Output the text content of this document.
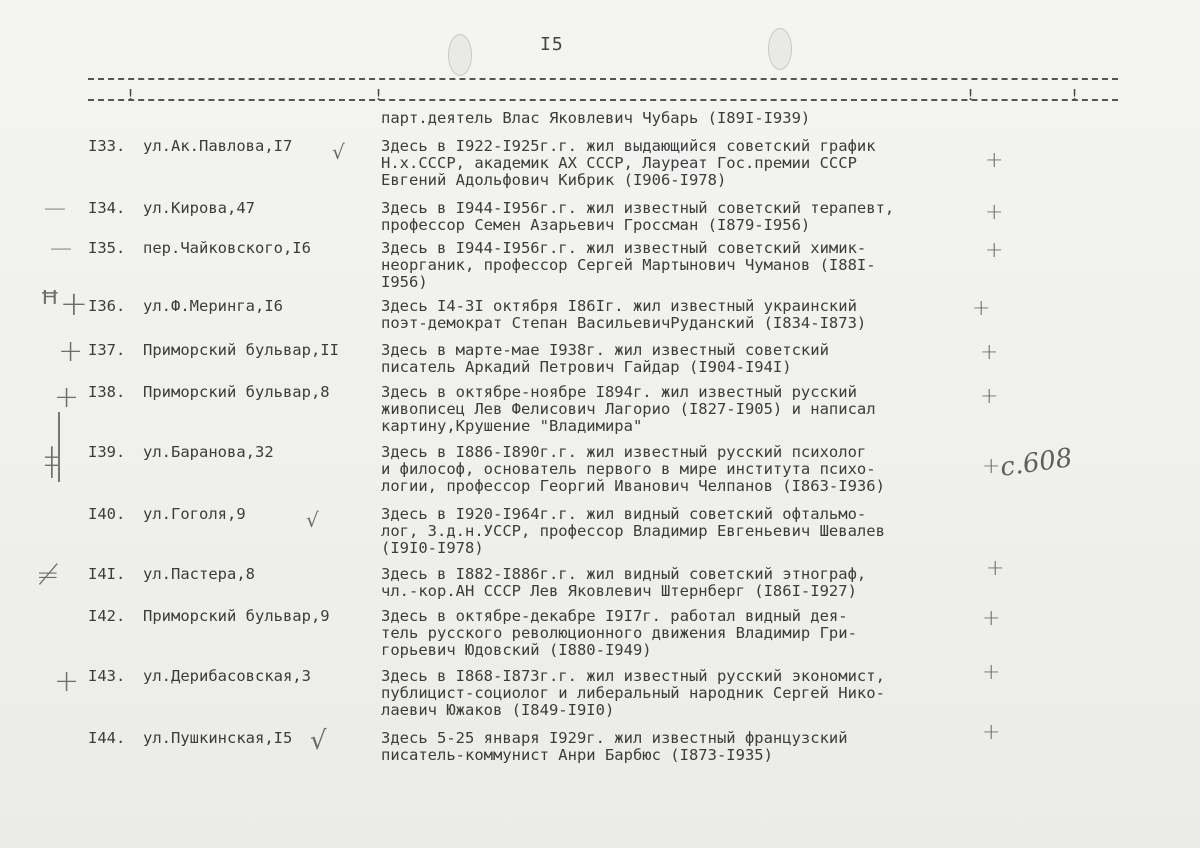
I5
!	!	!	!
парт.деятель Влас Яковлевич Чубарь (I89I-I939)
I33.	ул.Ак.Павлова,I7	Здесь в I922-I925г.г. жил выдающийся советский график
Н.х.СССР, академик АХ СССР, Лауреат Гос.премии СССР
Евгений Адольфович Кибрик (I906-I978)
I34.	ул.Кирова,47	Здесь в I944-I956г.г. жил известный советский терапевт,
профессор Семен Азарьевич Гроссман (I879-I956)
I35.	пер.Чайковского,I6	Здесь в I944-I956г.г. жил известный советский химик-
неорганик, профессор Сергей Мартынович Чуманов (I88I-
I956)
I36.	ул.Ф.Меринга,I6	Здесь I4-3I октября I86Iг. жил известный украинский
поэт-демократ Степан ВасильевичРуданский (I834-I873)
I37.	Приморский бульвар,II	Здесь в марте-мае I938г. жил известный советский
писатель Аркадий Петрович Гайдар (I904-I94I)
I38.	Приморский бульвар,8	Здесь в октябре-ноябре I894г. жил известный русский
живописец Лев Фелисович Лагорио (I827-I905) и написал
картину,Крушение "Владимира"
I39.	ул.Баранова,32	Здесь в I886-I890г.г. жил известный русский психолог
и философ, основатель первого в мире института психо-
логии, профессор Георгий Иванович Челпанов (I863-I936)
I40.	ул.Гоголя,9	Здесь в I920-I964г.г. жил видный советский офтальмо-
лог, З.д.н.УССР, профессор Владимир Евгеньевич Шевалев
(I9I0-I978)
I4I.	ул.Пастера,8	Здесь в I882-I886г.г. жил видный советский этнограф,
чл.-кор.АН СССР Лев Яковлевич Штернберг (I86I-I927)
I42.	Приморский бульвар,9	Здесь в октябре-декабре I9I7г. работал видный дея-
тель русского революционного движения Владимир Гри-
горьевич Юдовский (I880-I949)
I43.	ул.Дерибасовская,3	Здесь в I868-I873г.г. жил известный русский экономист,
публицист-социолог и либеральный народник Сергей Нико-
лаевич Южаков (I849-I9I0)
I44.	ул.Пушкинская,I5	Здесь 5-25 января I929г. жил известный французский
писатель-коммунист Анри Барбюс (I873-I935)
+
+
+
+
+
+
+
+
+
+
+
с.608
√
√
√
—
—
ꟸ+
+
+
ǂ
≠
+
